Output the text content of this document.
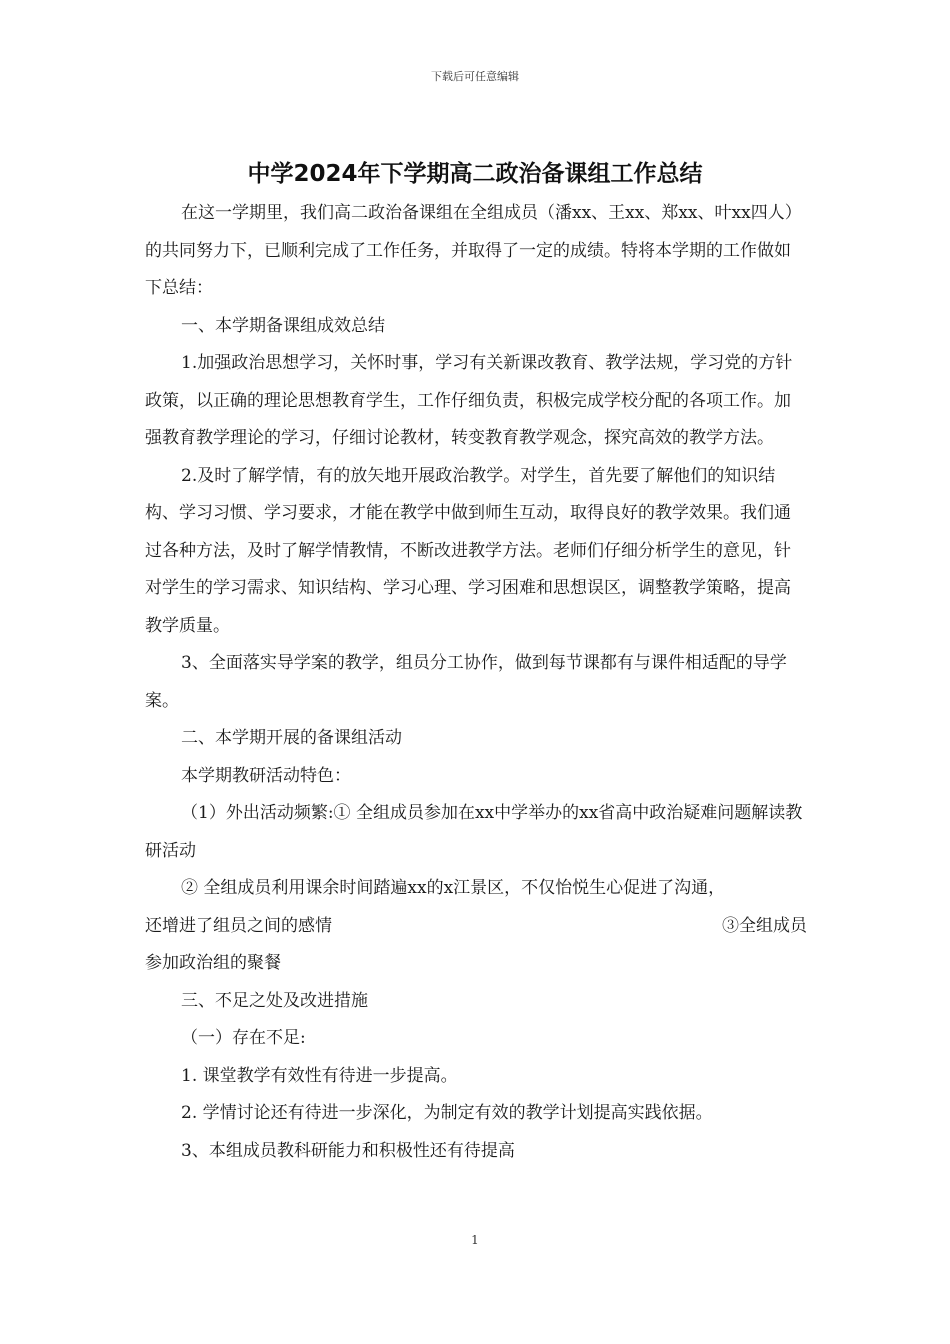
下载后可任意编辑
中学2024年下学期高二政治备课组工作总结

在这一学期里，我们高二政治备课组在全组成员（潘xx、王xx、郑xx、叶xx四人）的共同努力下，已顺利完成了工作任务，并取得了一定的成绩。特将本学期的工作做如下总结：

一、本学期备课组成效总结

1.加强政治思想学习，关怀时事，学习有关新课改教育、教学法规，学习党的方针政策，以正确的理论思想教育学生，工作仔细负责，积极完成学校分配的各项工作。加强教育教学理论的学习，仔细讨论教材，转变教育教学观念，探究高效的教学方法。

2.及时了解学情，有的放矢地开展政治教学。对学生，首先要了解他们的知识结构、学习习惯、学习要求，才能在教学中做到师生互动，取得良好的教学效果。我们通过各种方法，及时了解学情教情，不断改进教学方法。老师们仔细分析学生的意见，针对学生的学习需求、知识结构、学习心理、学习困难和思想误区，调整教学策略，提高教学质量。

3、全面落实导学案的教学，组员分工协作，做到每节课都有与课件相适配的导学案。

二、本学期开展的备课组活动

本学期教研活动特色：

（1）外出活动频繁:① 全组成员参加在xx中学举办的xx省高中政治疑难问题解读教研活动

② 全组成员利用课余时间踏遍xx的x江景区，不仅怡悦生心促进了沟通，

还增进了组员之间的感情	③全组成员

参加政治组的聚餐

三、不足之处及改进措施

（一）存在不足:

1. 课堂教学有效性有待进一步提高。

2. 学情讨论还有待进一步深化，为制定有效的教学计划提高实践依据。

3、本组成员教科研能力和积极性还有待提高

1
